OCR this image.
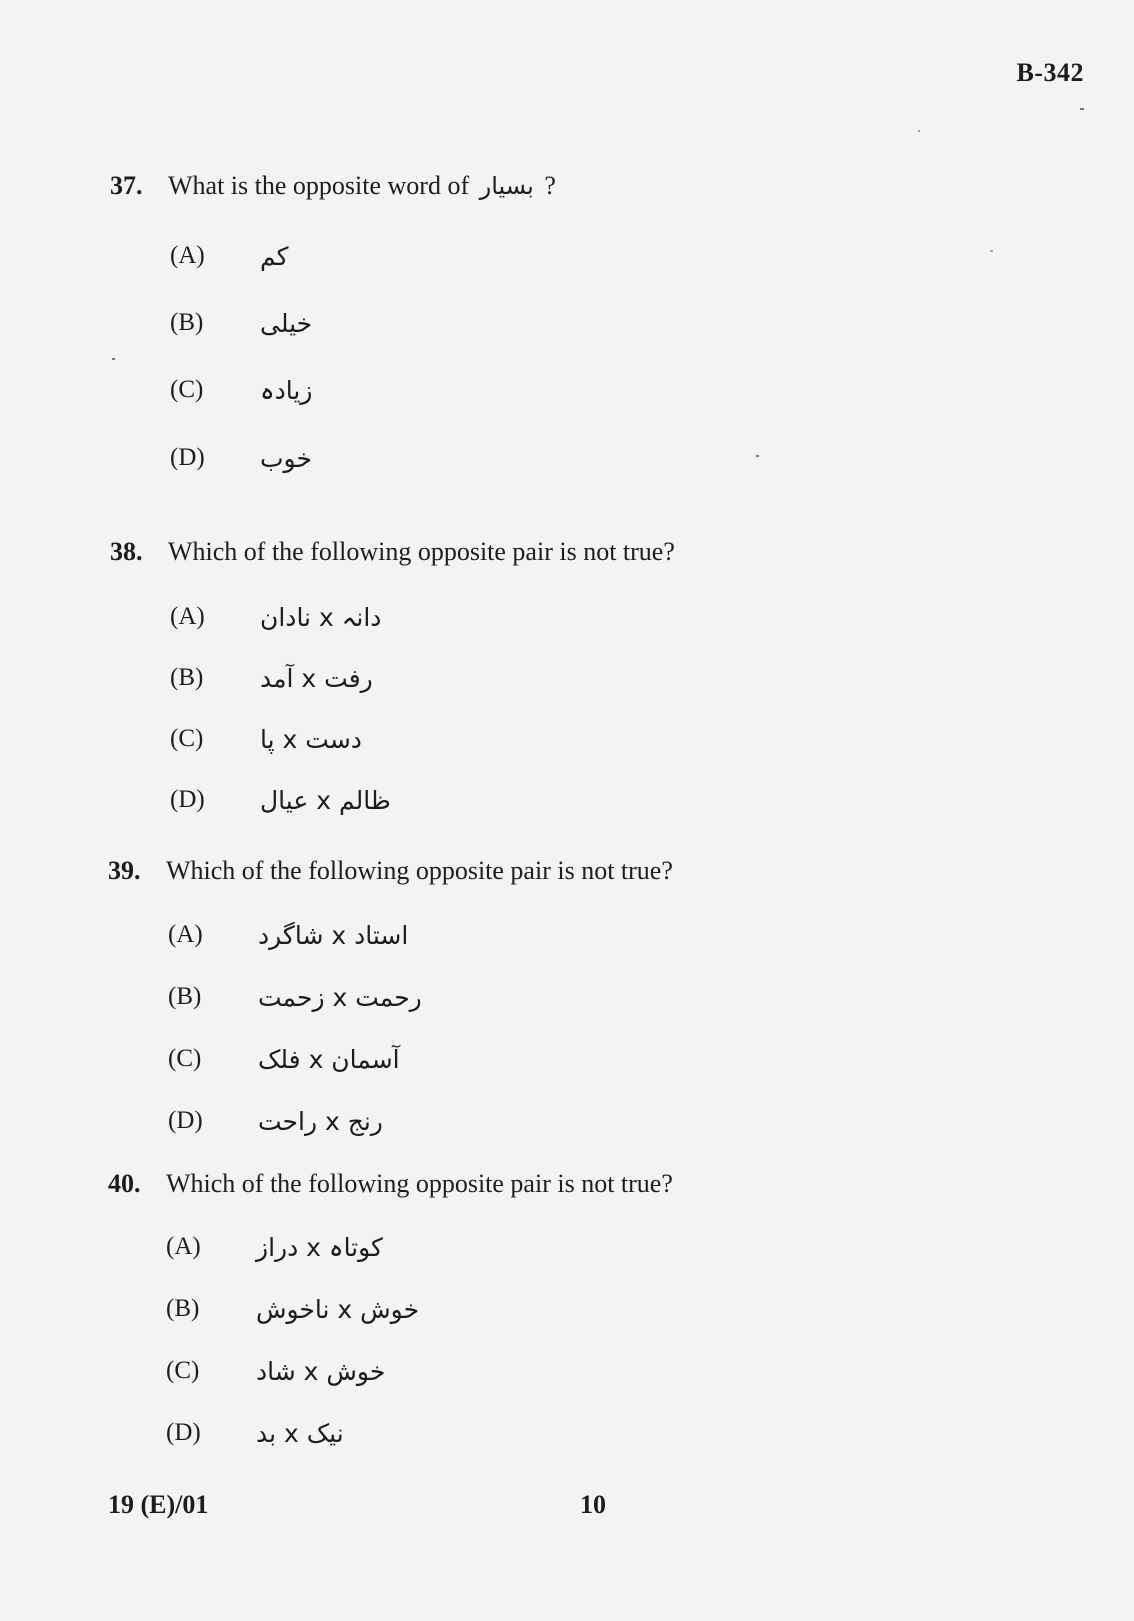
B-342
37. What is the opposite word of بسیار ?
(A)	کم
(B)	خیلی
(C)	زیادہ
(D)	خوب
38. Which of the following opposite pair is not true?
(A)	دانہ x نادان
(B)	رفت x آمد
(C)	دست x پا
(D)	ظالم x عیال
39. Which of the following opposite pair is not true?
(A)	استاد x شاگرد
(B)	رحمت x زحمت
(C)	آسمان x فلک
(D)	رنج x راحت
40. Which of the following opposite pair is not true?
(A)	کوتاہ x دراز
(B)	خوش x ناخوش
(C)	خوش x شاد
(D)	نیک x بد
19 (E)/01	10
